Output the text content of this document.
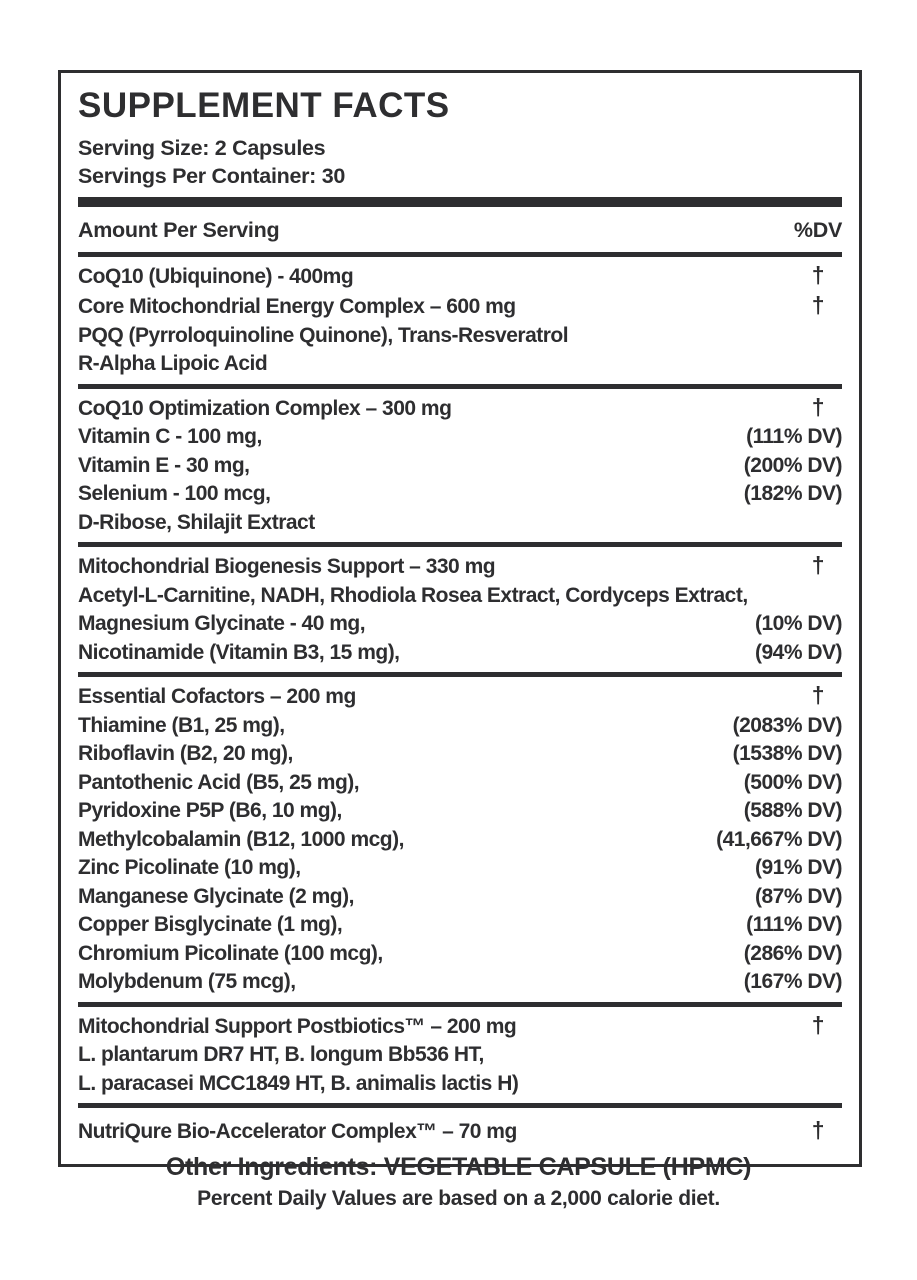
SUPPLEMENT FACTS
Serving Size: 2 Capsules
Servings Per Container: 30
Amount Per Serving	%DV
CoQ10 (Ubiquinone) - 400mg	†
Core Mitochondrial Energy Complex – 600 mg	†
PQQ (Pyrroloquinoline Quinone), Trans-Resveratrol
R-Alpha Lipoic Acid
CoQ10 Optimization Complex – 300 mg	†
Vitamin C - 100 mg,	(111% DV)
Vitamin E - 30 mg,	(200% DV)
Selenium - 100 mcg,	(182% DV)
D-Ribose, Shilajit Extract
Mitochondrial Biogenesis Support – 330 mg	†
Acetyl-L-Carnitine, NADH, Rhodiola Rosea Extract, Cordyceps Extract,
Magnesium Glycinate - 40 mg,	(10% DV)
Nicotinamide (Vitamin B3, 15 mg),	(94% DV)
Essential Cofactors – 200 mg	†
Thiamine (B1, 25 mg),	(2083% DV)
Riboflavin (B2, 20 mg),	(1538% DV)
Pantothenic Acid (B5, 25 mg),	(500% DV)
Pyridoxine P5P (B6, 10 mg),	(588% DV)
Methylcobalamin (B12, 1000 mcg),	(41,667% DV)
Zinc Picolinate (10 mg),	(91% DV)
Manganese Glycinate (2 mg),	(87% DV)
Copper Bisglycinate (1 mg),	(111% DV)
Chromium Picolinate (100 mcg),	(286% DV)
Molybdenum (75 mcg),	(167% DV)
Mitochondrial Support Postbiotics™ – 200 mg	†
L. plantarum DR7 HT, B. longum Bb536 HT,
L. paracasei MCC1849 HT, B. animalis lactis H)
NutriQure Bio-Accelerator Complex™ – 70 mg	†
Other Ingredients: VEGETABLE CAPSULE (HPMC)
Percent Daily Values are based on a 2,000 calorie diet.
